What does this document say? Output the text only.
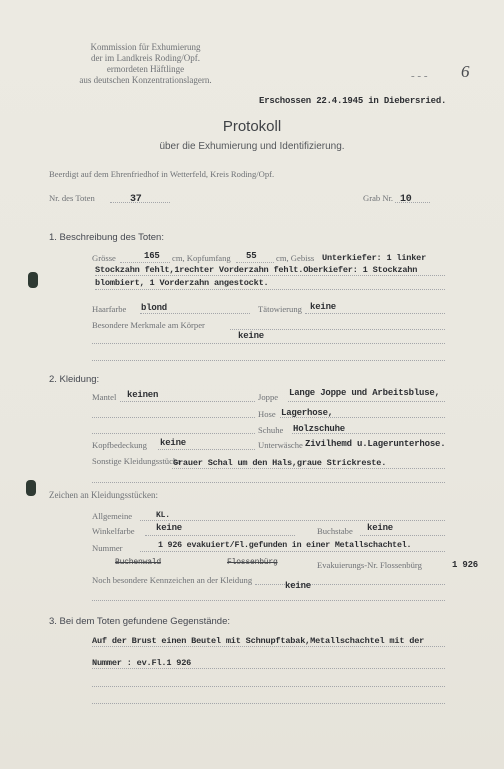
6
- - -
Kommission für Exhumierung
der im Landkreis Roding/Opf.
ermordeten Häftlinge
aus deutschen Konzentrationslagern.
Erschossen 22.4.1945 in Diebersried.
Protokoll
über die Exhumierung und Identifizierung.
Beerdigt auf dem Ehrenfriedhof in Wetterfeld, Kreis Roding/Opf.
Nr. des Toten	37	Grab Nr. 10
1. Beschreibung des Toten:
Grösse	165 cm, Kopfumfang 55 cm, Gebiss Unterkiefer: 1 linker
Stockzahn fehlt,1rechter Vorderzahn fehlt.Oberkiefer: 1 Stockzahn
blombiert, 1 Vorderzahn angestockt.
Haarfarbe blond	Tätowierung keine
Besondere Merkmale am Körper
keine
2. Kleidung:
Mantel keinen	Joppe Lange Joppe und Arbeitsbluse,
Hose Lagerhose,
Schuhe Holzschuhe
Kopfbedeckung keine	Unterwäsche Zivilhemd u.Lagerunterhose.
Sonstige Kleidungsstücke
Grauer Schal um den Hals,graue Strickreste.
Zeichen an Kleidungsstücken:
Allgemeine	KL.
Winkelfarbe keine	Buchstabe keine
Nummer	1 926 evakuiert/Fl.gefunden in einer Metallschachtel.
Buchenwald	Flossenbürg	Evakuierungs-Nr. Flossenbürg	1 926
Noch besondere Kennzeichen an der Kleidung
keine
3. Bei dem Toten gefundene Gegenstände:
Auf der Brust einen Beutel mit Schnupftabak,Metallschachtel mit der
Nummer : ev.Fl.1 926
